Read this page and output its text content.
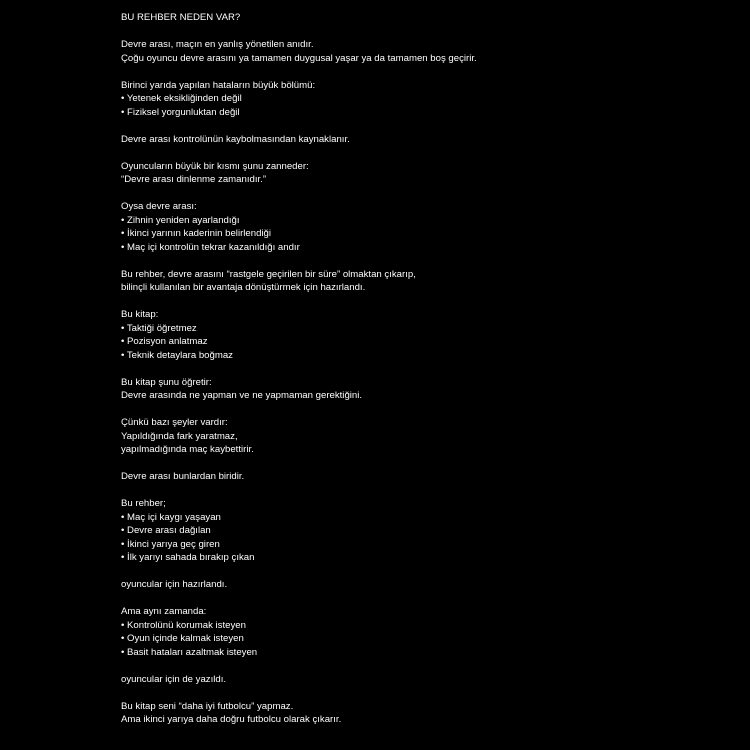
BU REHBER NEDEN VAR?
Devre arası, maçın en yanlış yönetilen anıdır.
Çoğu oyuncu devre arasını ya tamamen duygusal yaşar ya da tamamen boş geçirir.
Birinci yarıda yapılan hataların büyük bölümü:
• Yetenek eksikliğinden değil
• Fiziksel yorgunluktan değil
Devre arası kontrolünün kaybolmasından kaynaklanır.
Oyuncuların büyük bir kısmı şunu zanneder:
“Devre arası dinlenme zamanıdır.”
Oysa devre arası:
• Zihnin yeniden ayarlandığı
• İkinci yarının kaderinin belirlendiği
• Maç içi kontrolün tekrar kazanıldığı andır
Bu rehber, devre arasını “rastgele geçirilen bir süre” olmaktan çıkarıp,
bilinçli kullanılan bir avantaja dönüştürmek için hazırlandı.
Bu kitap:
• Taktiği öğretmez
• Pozisyon anlatmaz
• Teknik detaylara boğmaz
Bu kitap şunu öğretir:
Devre arasında ne yapman ve ne yapmaman gerektiğini.
Çünkü bazı şeyler vardır:
Yapıldığında fark yaratmaz,
yapılmadığında maç kaybettirir.
Devre arası bunlardan biridir.
Bu rehber;
• Maç içi kaygı yaşayan
• Devre arası dağılan
• İkinci yarıya geç giren
• İlk yarıyı sahada bırakıp çıkan
oyuncular için hazırlandı.
Ama aynı zamanda:
• Kontrolünü korumak isteyen
• Oyun içinde kalmak isteyen
• Basit hataları azaltmak isteyen
oyuncular için de yazıldı.
Bu kitap seni “daha iyi futbolcu” yapmaz.
Ama ikinci yarıya daha doğru futbolcu olarak çıkarır.
